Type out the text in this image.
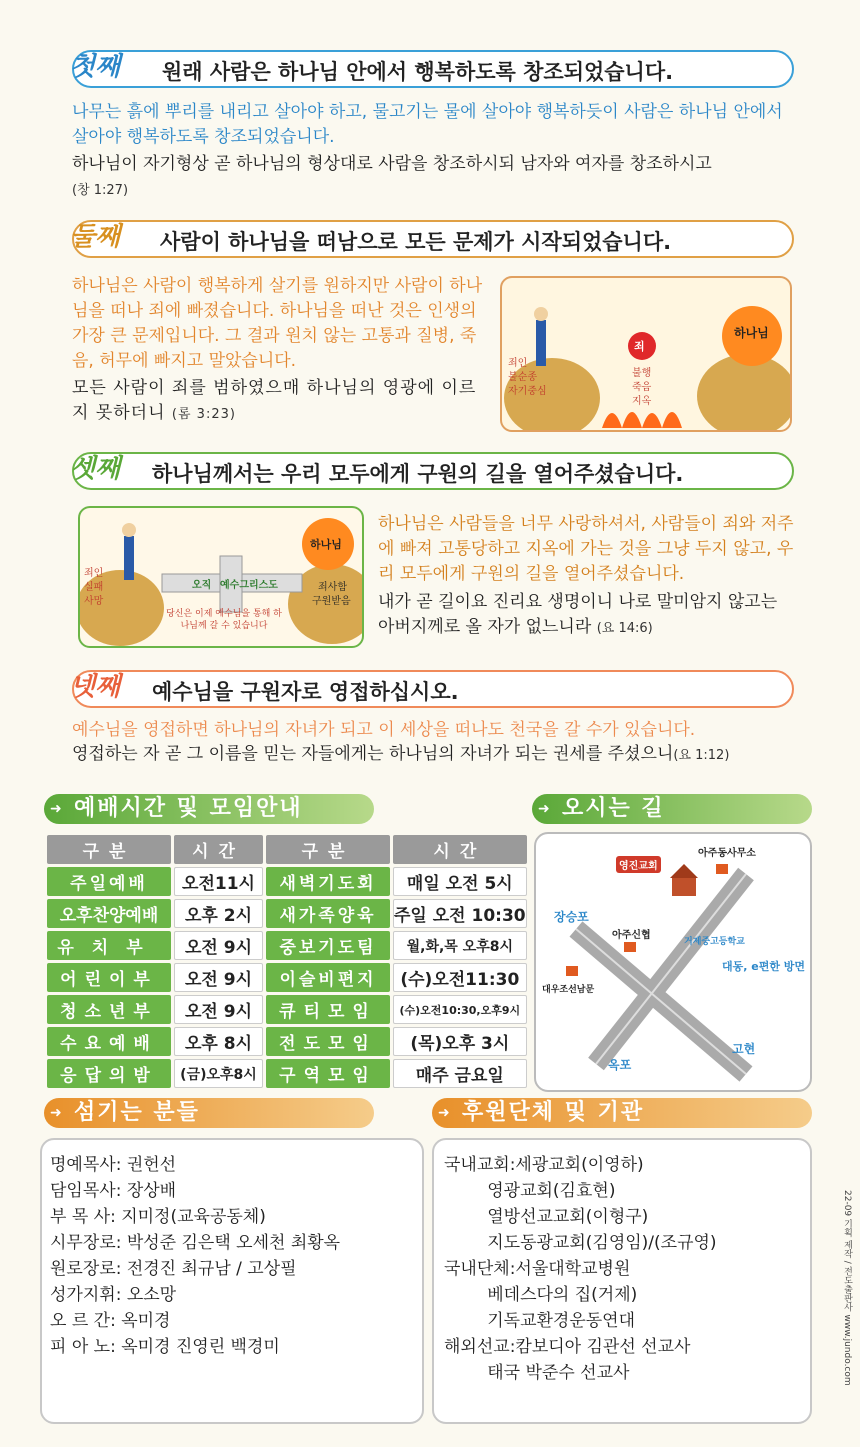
첫째 원래 사람은 하나님 안에서 행복하도록 창조되었습니다.
나무는 흙에 뿌리를 내리고 살아야 하고, 물고기는 물에 살아야 행복하듯이 사람은 하나님 안에서 살아야 행복하도록 창조되었습니다.
하나님이 자기형상 곧 하나님의 형상대로 사람을 창조하시되 남자와 여자를 창조하시고
(창 1:27)
둘째 사람이 하나님을 떠남으로 모든 문제가 시작되었습니다.
하나님은 사람이 행복하게 살기를 원하지만 사람이 하나님을 떠나 죄에 빠졌습니다. 하나님을 떠난 것은 인생의 가장 큰 문제입니다. 그 결과 원치 않는 고통과 질병, 죽음, 허무에 빠지고 말았습니다.
모든 사람이 죄를 범하였으매 하나님의 영광에 이르지 못하더니 (롬 3:23)
하나님
죄
죄인
불순종
자기중심
불행
죽음
지옥
셋째 하나님께서는 우리 모두에게 구원의 길을 열어주셨습니다.
하나님
오직 예수그리스도
죄인
실패
사망
죄사함
구원받음
당신은 이제 예수님을 통해 하나님께 갈 수 있습니다
하나님은 사람들을 너무 사랑하셔서, 사람들이 죄와 저주에 빠져 고통당하고 지옥에 가는 것을 그냥 두지 않고, 우리 모두에게 구원의 길을 열어주셨습니다.
내가 곧 길이요 진리요 생명이니 나로 말미암지 않고는 아버지께로 올 자가 없느니라 (요 14:6)
넷째 예수님을 구원자로 영접하십시오.
예수님을 영접하면 하나님의 자녀가 되고 이 세상을 떠나도 천국을 갈 수가 있습니다.
영접하는 자 곧 그 이름을 믿는 자들에게는 하나님의 자녀가 되는 권세를 주셨으니(요 1:12)
➜ 예배시간 및 모임안내
구분	시간	구분	시간
주일예배	오전11시	새벽기도회	매일 오전 5시
오후찬양예배	오후 2시	새가족양육	주일 오전 10:30
유치부	오전 9시	중보기도팀	월,화,목 오후8시
어린이부	오전 9시	이슬비편지	(수)오전11:30
청소년부	오전 9시	큐티모임	(수)오전10:30,오후9시
수요예배	오후 8시	전도모임	(목)오후 3시
응답의밤	(금)오후8시	구역모임	매주 금요일
➜ 오시는 길
아주동사무소
영진교회
장승포
아주신협
거제중고등학교
대동, e편한 방면
대우조선남문
고현
옥포
➜ 섬기는 분들
명예목사: 권헌선
담임목사: 장상배
부 목 사: 지미정(교육공동체)
시무장로: 박성준 김은택 오세천 최황옥
원로장로: 전경진 최규남 / 고상필
성가지휘: 오소망
오 르 간: 옥미경
피 아 노: 옥미경 진영린 백경미
➜ 후원단체 및 기관
국내교회:세광교회(이영하)
영광교회(김효현)
열방선교교회(이형구)
지도동광교회(김영임)/(조규영)
국내단체:서울대학교병원
베데스다의 집(거제)
기독교환경운동연대
해외선교:캄보디아 김관선 선교사
태국 박준수 선교사	22-09 기획 제작 / 전도출판사 www.jundo.com
